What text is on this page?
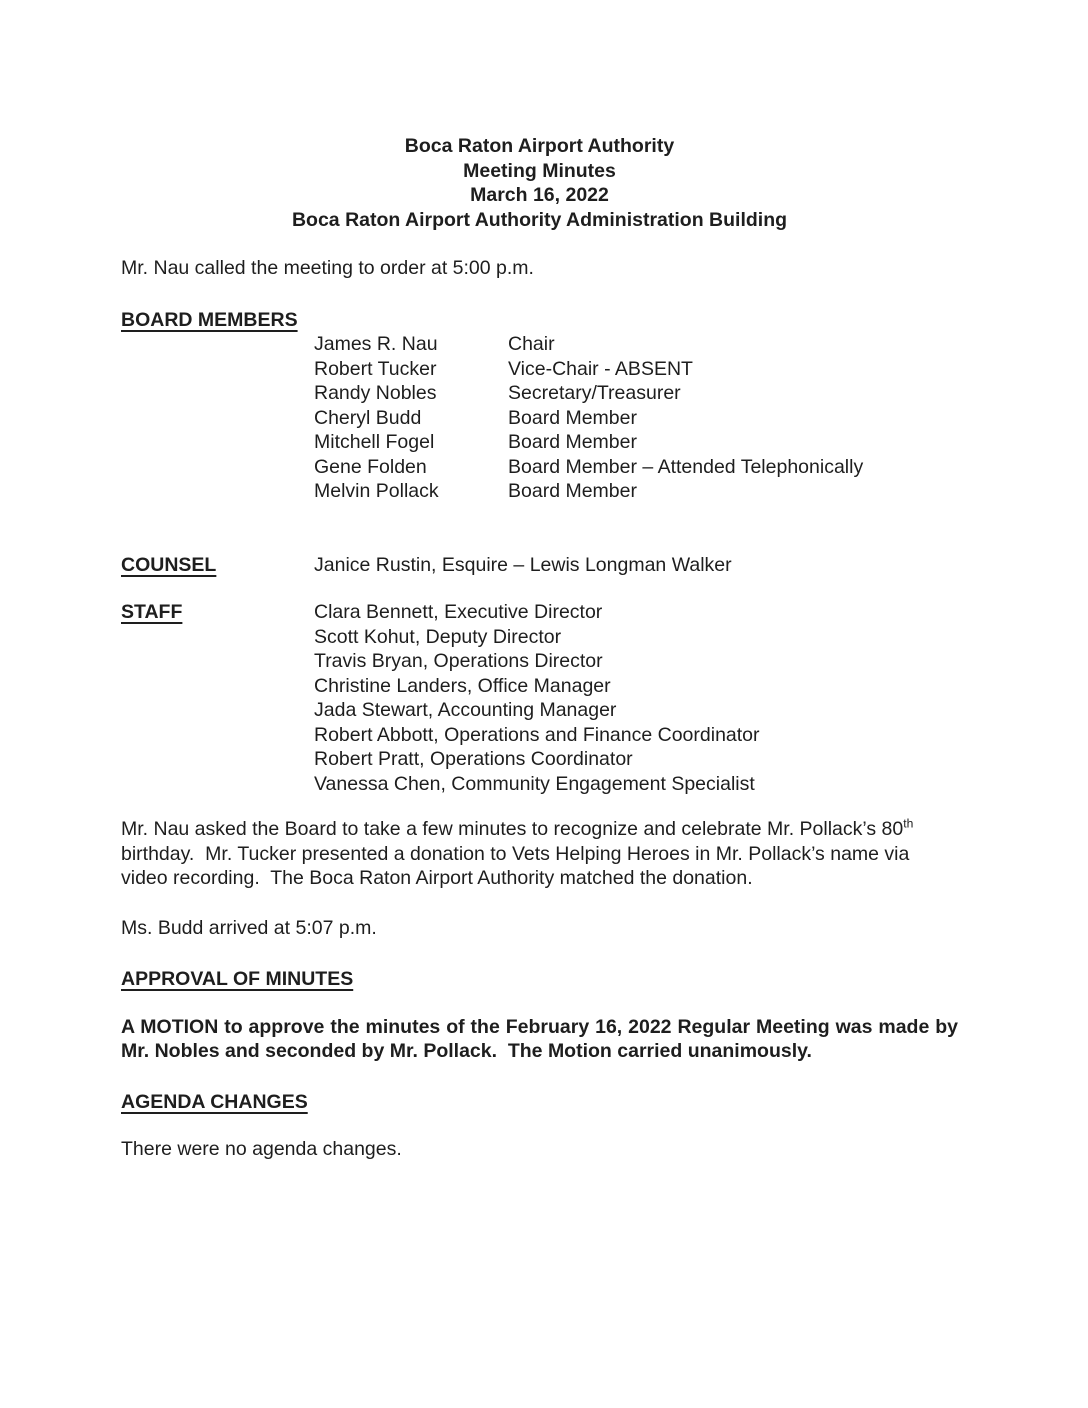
Boca Raton Airport Authority
Meeting Minutes
March 16, 2022
Boca Raton Airport Authority Administration Building

Mr. Nau called the meeting to order at 5:00 p.m.

BOARD MEMBERS
James R. Nau	Chair
Robert Tucker	Vice-Chair - ABSENT
Randy Nobles	Secretary/Treasurer
Cheryl Budd	Board Member
Mitchell Fogel	Board Member
Gene Folden	Board Member – Attended Telephonically
Melvin Pollack	Board Member
COUNSEL	Janice Rustin, Esquire – Lewis Longman Walker
STAFF	Clara Bennett, Executive Director
Scott Kohut, Deputy Director
Travis Bryan, Operations Director
Christine Landers, Office Manager
Jada Stewart, Accounting Manager
Robert Abbott, Operations and Finance Coordinator
Robert Pratt, Operations Coordinator
Vanessa Chen, Community Engagement Specialist

Mr. Nau asked the Board to take a few minutes to recognize and celebrate Mr. Pollack’s 80th birthday.  Mr. Tucker presented a donation to Vets Helping Heroes in Mr. Pollack’s name via video recording.  The Boca Raton Airport Authority matched the donation.

Ms. Budd arrived at 5:07 p.m.

APPROVAL OF MINUTES

A MOTION to approve the minutes of the February 16, 2022 Regular Meeting was made by Mr. Nobles and seconded by Mr. Pollack.  The Motion carried unanimously.

AGENDA CHANGES

There were no agenda changes.
